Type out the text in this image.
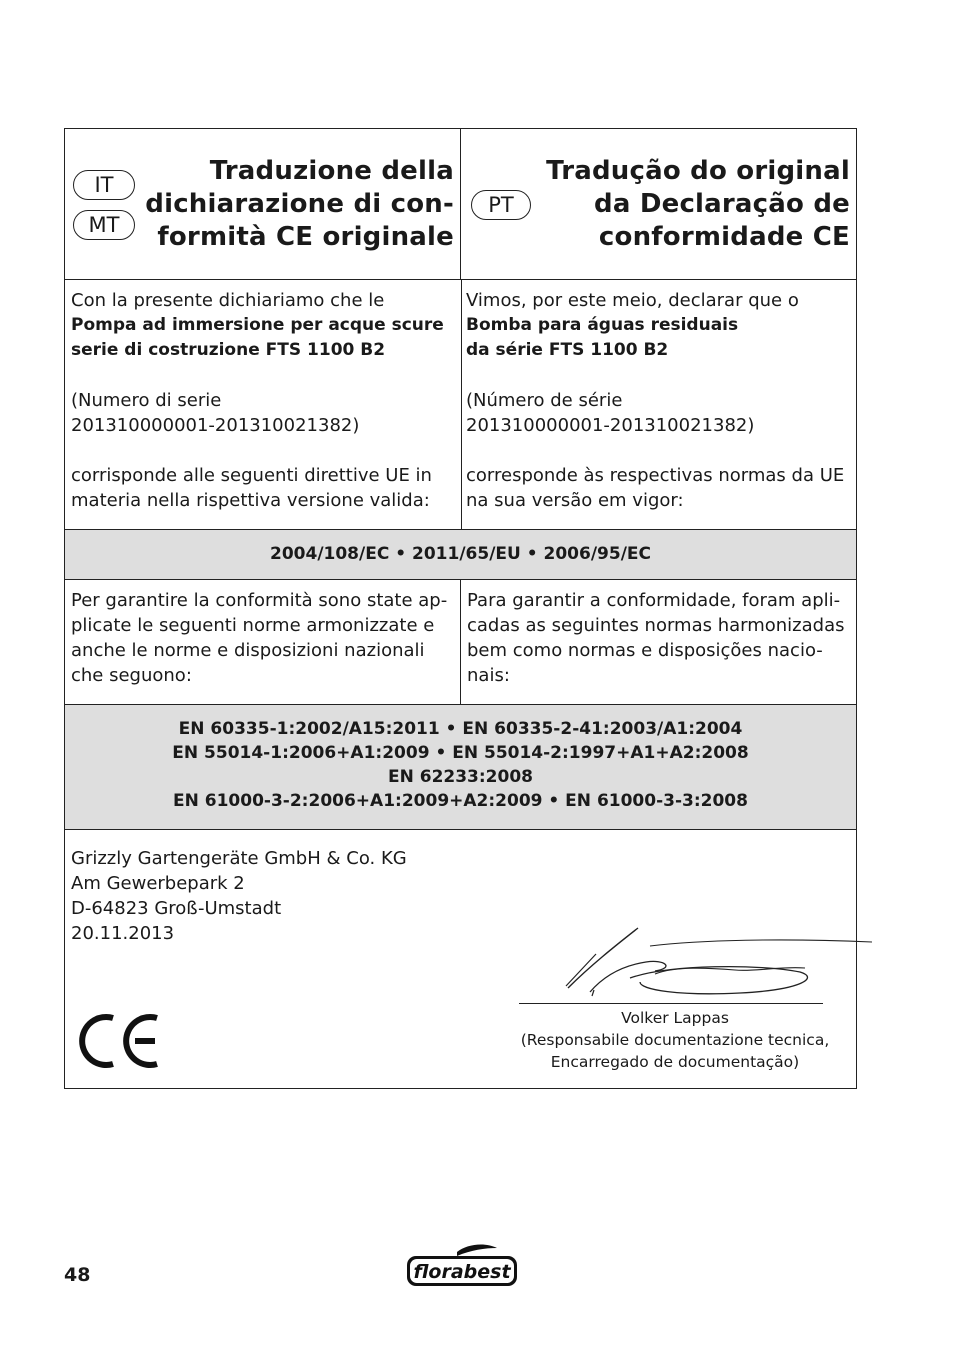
IT
MT
Traduzione della
dichiarazione di con-
formità CE originale
PT
Tradução do original
da Declaração de
conformidade CE
Con la presente dichiariamo che le
Pompa ad immersione per acque scure
serie di costruzione FTS 1100 B2
(Numero di serie
201310000001-201310021382)
corrisponde alle seguenti direttive UE in
materia nella rispettiva versione valida:
Vimos, por este meio, declarar que o
Bomba para águas residuais
da série FTS 1100 B2
(Número de série
201310000001-201310021382)
corresponde às respectivas normas da UE
na sua versão em vigor:
2004/108/EC • 2011/65/EU • 2006/95/EC
Per garantire la conformità sono state ap-
plicate le seguenti norme armonizzate e
anche le norme e disposizioni nazionali
che seguono:
Para garantir a conformidade, foram apli-
cadas as seguintes normas harmonizadas
bem como normas e disposições nacio-
nais:
EN 60335-1:2002/A15:2011 • EN 60335-2-41:2003/A1:2004
EN 55014-1:2006+A1:2009 • EN 55014-2:1997+A1+A2:2008
EN 62233:2008
EN 61000-3-2:2006+A1:2009+A2:2009 • EN 61000-3-3:2008
Grizzly Gartengeräte GmbH & Co. KG
Am Gewerbepark 2
D-64823 Groß-Umstadt
20.11.2013
Volker Lappas
(Responsabile documentazione tecnica,
Encarregado de documentação)
48	florabest
